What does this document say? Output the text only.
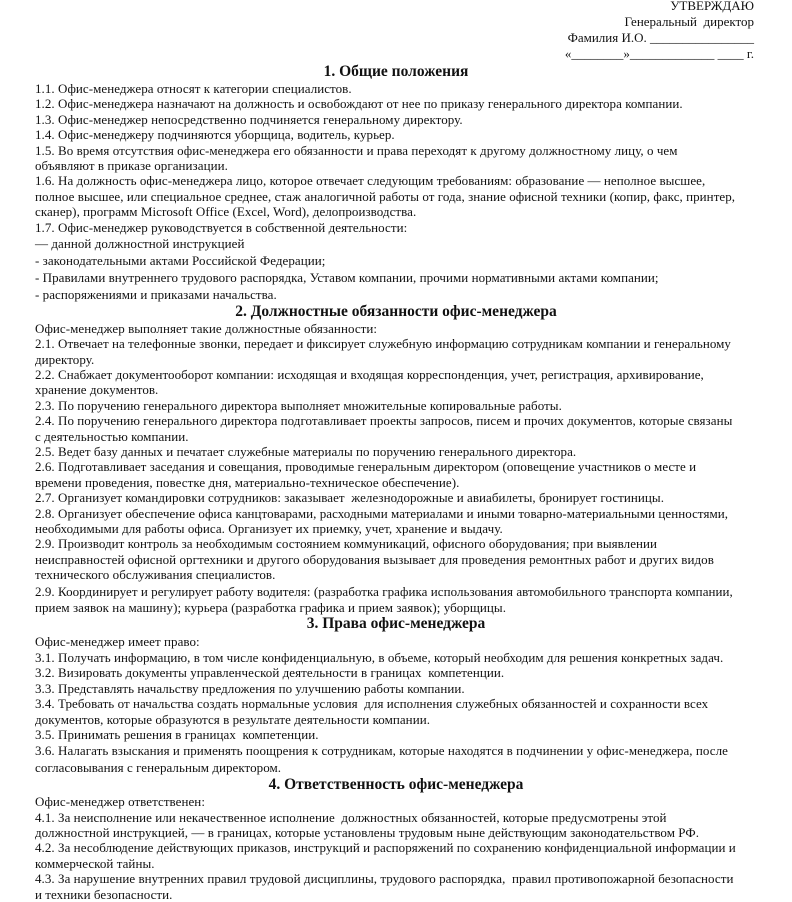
УТВЕРЖДАЮ
Генеральный  директор
Фамилия И.О. ________________
«________»_____________ ____ г.
1. Общие положения
1.1. Офис-менеджера относят к категории специалистов.
1.2. Офис-менеджера назначают на должность и освобождают от нее по приказу генерального директора компании.
1.3. Офис-менеджер непосредственно подчиняется генеральному директору.
1.4. Офис-менеджеру подчиняются уборщица, водитель, курьер.
1.5. Во время отсутствия офис-менеджера его обязанности и права переходят к другому должностному лицу, о чем
объявляют в приказе организации.
1.6. На должность офис-менеджера лицо, которое отвечает следующим требованиям: образование — неполное высшее,
полное высшее, или специальное среднее, стаж аналогичной работы от года, знание офисной техники (копир, факс, принтер,
сканер), программ Microsoft Office (Excel, Word), делопроизводства.
1.7. Офис-менеджер руководствуется в собственной деятельности:
— данной должностной инструкцией
- законодательными актами Российской Федерации;
- Правилами внутреннего трудового распорядка, Уставом компании, прочими нормативными актами компании;
- распоряжениями и приказами начальства.
2. Должностные обязанности офис-менеджера
Офис-менеджер выполняет такие должностные обязанности:
2.1. Отвечает на телефонные звонки, передает и фиксирует служебную информацию сотрудникам компании и генеральному
директору.
2.2. Снабжает документооборот компании: исходящая и входящая корреспонденция, учет, регистрация, архивирование,
хранение документов.
2.3. По поручению генерального директора выполняет множительные копировальные работы.
2.4. По поручению генерального директора подготавливает проекты запросов, писем и прочих документов, которые связаны
с деятельностью компании.
2.5. Ведет базу данных и печатает служебные материалы по поручению генерального директора.
2.6. Подготавливает заседания и совещания, проводимые генеральным директором (оповещение участников о месте и
времени проведения, повестке дня, материально-техническое обеспечение).
2.7. Организует командировки сотрудников: заказывает  железнодорожные и авиабилеты, бронирует гостиницы.
2.8. Организует обеспечение офиса канцтоварами, расходными материалами и иными товарно-материальными ценностями,
необходимыми для работы офиса. Организует их приемку, учет, хранение и выдачу.
2.9. Производит контроль за необходимым состоянием коммуникаций, офисного оборудования; при выявлении
неисправностей офисной оргтехники и другого оборудования вызывает для проведения ремонтных работ и других видов
технического обслуживания специалистов.
2.9. Координирует и регулирует работу водителя: (разработка графика использования автомобильного транспорта компании,
прием заявок на машину); курьера (разработка графика и прием заявок); уборщицы.
3. Права офис-менеджера
Офис-менеджер имеет право:
3.1. Получать информацию, в том числе конфиденциальную, в объеме, который необходим для решения конкретных задач.
3.2. Визировать документы управленческой деятельности в границах  компетенции.
3.3. Представлять начальству предложения по улучшению работы компании.
3.4. Требовать от начальства создать нормальные условия  для исполнения служебных обязанностей и сохранности всех
документов, которые образуются в результате деятельности компании.
3.5. Принимать решения в границах  компетенции.
3.6. Налагать взыскания и применять поощрения к сотрудникам, которые находятся в подчинении у офис-менеджера, после
согласовывания с генеральным директором.
4. Ответственность офис-менеджера
Офис-менеджер ответственен:
4.1. За неисполнение или некачественное исполнение  должностных обязанностей, которые предусмотрены этой
должностной инструкцией, — в границах, которые установлены трудовым ныне действующим законодательством РФ.
4.2. За несоблюдение действующих приказов, инструкций и распоряжений по сохранению конфиденциальной информации и
коммерческой тайны.
4.3. За нарушение внутренних правил трудовой дисциплины, трудового распорядка,  правил противопожарной безопасности
и техники безопасности.
